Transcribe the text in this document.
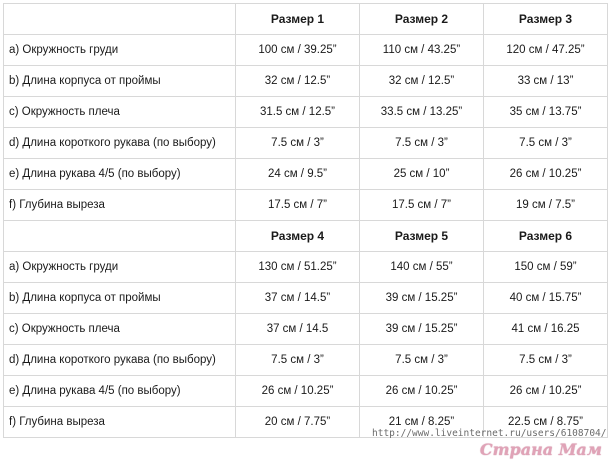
	Размер 1	Размер 2	Размер 3
a) Окружность груди	100 см / 39.25”	110 см / 43.25”	120 см / 47.25”
b) Длина корпуса от проймы	32 см / 12.5”	32 см / 12.5”	33 см / 13”
c) Окружность плеча	31.5 см / 12.5”	33.5 см / 13.25”	35 см / 13.75”
d) Длина короткого рукава (по выбору)	7.5 см / 3”	7.5 см / 3”	7.5 см / 3”
e) Длина рукава 4/5 (по выбору)	24 см / 9.5”	25 см / 10”	26 см / 10.25”
f) Глубина выреза	17.5 см / 7”	17.5 см / 7”	19 см / 7.5”
	Размер 4	Размер 5	Размер 6
a) Окружность груди	130 см / 51.25”	140 см / 55”	150 см / 59”
b) Длина корпуса от проймы	37 см / 14.5”	39 см / 15.25”	40 см / 15.75”
c) Окружность плеча	37 см / 14.5	39 см / 15.25”	41 см / 16.25
d) Длина короткого рукава (по выбору)	7.5 см / 3”	7.5 см / 3”	7.5 см / 3”
e) Длина рукава 4/5 (по выбору)	26 см / 10.25”	26 см / 10.25”	26 см / 10.25”
f) Глубина выреза	20 см / 7.75”	21 см / 8.25”	22.5 см / 8.75”
http://www.liveinternet.ru/users/6108704/
Страна Мам
